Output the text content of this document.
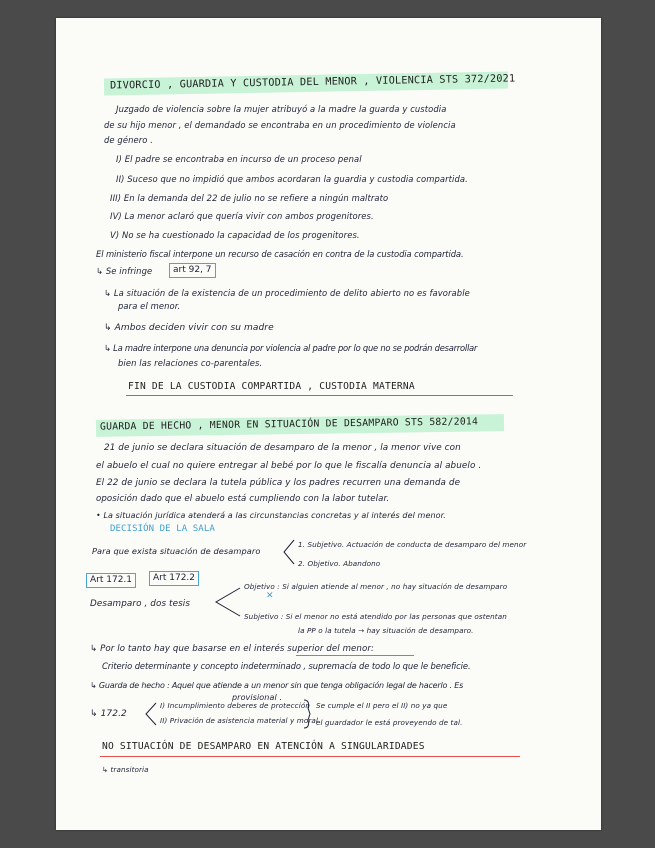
DIVORCIO , GUARDIA Y CUSTODIA DEL MENOR , VIOLENCIA STS 372/2021
Juzgado de violencia sobre la mujer atribuyó a la madre la guarda y custodia
de su hijo menor , el demandado se encontraba en un procedimiento de violencia
de género .
I) El padre se encontraba en incurso de un proceso penal
II) Suceso que no impidió que ambos acordaran la guardia y custodia compartida.
III) En la demanda del 22 de julio no se refiere a ningún maltrato
IV) La menor aclaró que quería vivir con ambos progenitores.
V) No se ha cuestionado la capacidad de los progenitores.
El ministerio fiscal interpone un recurso de casación en contra de la custodia compartida.
↳ Se infringe	art 92, 7
↳ La situación de la existencia de un procedimiento de delito abierto no es favorable
para el menor.
↳ Ambos deciden vivir con su madre
↳ La madre interpone una denuncia por violencia al padre por lo que no se podrán desarrollar
bien las relaciones co-parentales.
FIN DE LA CUSTODIA COMPARTIDA , CUSTODIA MATERNA
GUARDA DE HECHO , MENOR EN SITUACIÓN DE DESAMPARO STS 582/2014
21 de junio se declara situación de desamparo de la menor , la menor vive con
el abuelo el cual no quiere entregar al bebé por lo que le fiscalía denuncia al abuelo .
El 22 de junio se declara la tutela pública y los padres recurren una demanda de
oposición dado que el abuelo está cumpliendo con la labor tutelar.
• La situación jurídica atenderá a las circunstancias concretas y al interés del menor.
DECISIÓN DE LA SALA
Para que exista situación de desamparo
1. Subjetivo. Actuación de conducta de desamparo del menor
2. Objetivo. Abandono
Art 172.1	Art 172.2
Objetivo : Si alguien atiende al menor , no hay situación de desamparo
✕
Desamparo , dos tesis
Subjetivo : Si el menor no está atendido por las personas que ostentan
la PP o la tutela → hay situación de desamparo.
↳ Por lo tanto hay que basarse en el interés superior del menor:
Criterio determinante y concepto indeterminado , supremacía de todo lo que le beneficie.
↳ Guarda de hecho : Aquel que atiende a un menor sin que tenga obligación legal de hacerlo . Es
provisional .
↳ 172.2
I) Incumplimiento deberes de protección
II) Privación de asistencia material y moral
Se cumple el II pero el II) no ya que
el guardador le está proveyendo de tal.
NO SITUACIÓN DE DESAMPARO EN ATENCIÓN A SINGULARIDADES
↳ transitoria
